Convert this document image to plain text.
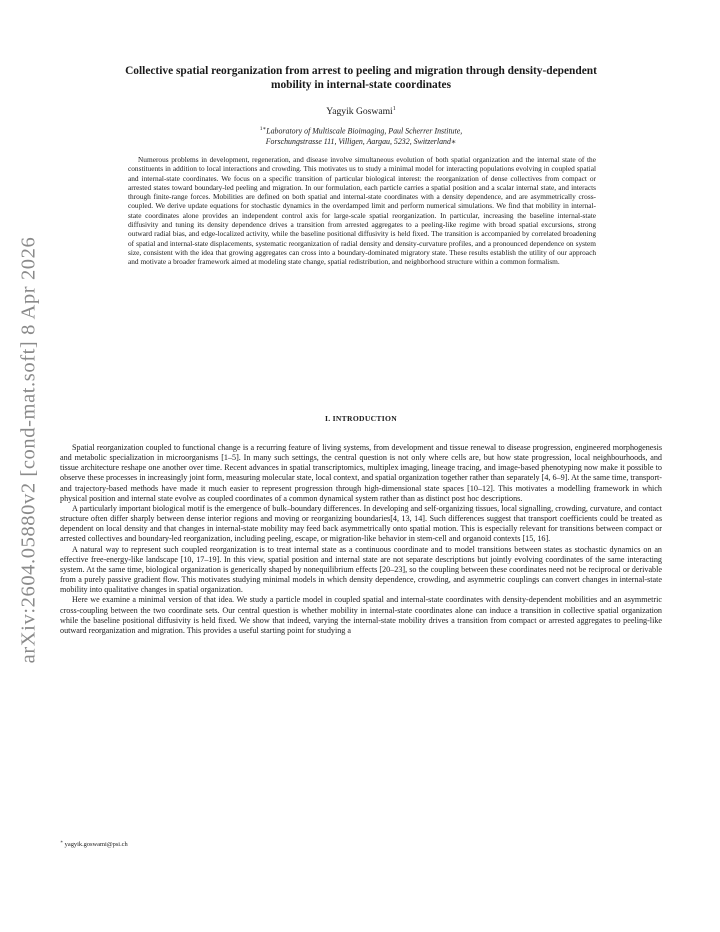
arXiv:2604.05880v2 [cond-mat.soft] 8 Apr 2026
Collective spatial reorganization from arrest to peeling and migration through density-dependent
mobility in internal-state coordinates
Yagyik Goswami$^1$
$^{1∗}$Laboratory of Multiscale Bioimaging, Paul Scherrer Institute,
Forschungstrasse 111, Villigen, Aargau, 5232, Switzerland∗

Numerous problems in development, regeneration, and disease involve simultaneous evolution of both spatial organization and the internal state of the constituents in addition to local interactions and crowding. This motivates us to study a minimal model for interacting populations evolving in coupled spatial and internal-state coordinates. We focus on a specific transition of particular biological interest: the reorganization of dense collectives from compact or arrested states toward boundary-led peeling and migration. In our formulation, each particle carries a spatial position and a scalar internal state, and interacts through finite-range forces. Mobilities are defined on both spatial and internal-state coordinates with a density dependence, and are asymmetrically cross-coupled. We derive update equations for stochastic dynamics in the overdamped limit and perform numerical simulations. We find that mobility in internal-state coordinates alone provides an independent control axis for large-scale spatial reorganization. In particular, increasing the baseline internal-state diffusivity and tuning its density dependence drives a transition from arrested aggregates to a peeling-like regime with broad spatial excursions, strong outward radial bias, and edge-localized activity, while the baseline positional diffusivity is held fixed. The transition is accompanied by correlated broadening of spatial and internal-state displacements, systematic reorganization of radial density and density-curvature profiles, and a pronounced dependence on system size, consistent with the idea that growing aggregates can cross into a boundary-dominated migratory state. These results establish the utility of our approach and motivate a broader framework aimed at modeling state change, spatial redistribution, and neighborhood structure within a common formalism.

I. INTRODUCTION

Spatial reorganization coupled to functional change is a recurring feature of living systems, from development and tissue renewal to disease progression, engineered morphogenesis and metabolic specialization in microorganisms [1–5]. In many such settings, the central question is not only where cells are, but how state progression, local neighbourhoods, and tissue architecture reshape one another over time. Recent advances in spatial transcriptomics, multiplex imaging, lineage tracing, and image-based phenotyping now make it possible to observe these processes in increasingly joint form, measuring molecular state, local context, and spatial organization together rather than separately [4, 6–9]. At the same time, transport- and trajectory-based methods have made it much easier to represent progression through high-dimensional state spaces [10–12]. This motivates a modelling framework in which physical position and internal state evolve as coupled coordinates of a common dynamical system rather than as distinct post hoc descriptions.

A particularly important biological motif is the emergence of bulk–boundary differences. In developing and self-organizing tissues, local signalling, crowding, curvature, and contact structure often differ sharply between dense interior regions and moving or reorganizing boundaries[4, 13, 14]. Such differences suggest that transport coefficients could be treated as dependent on local density and that changes in internal-state mobility may feed back asymmetrically onto spatial motion. This is especially relevant for transitions between compact or arrested collectives and boundary-led reorganization, including peeling, escape, or migration-like behavior in stem-cell and organoid contexts [15, 16].

A natural way to represent such coupled reorganization is to treat internal state as a continuous coordinate and to model transitions between states as stochastic dynamics on an effective free-energy-like landscape [10, 17–19]. In this view, spatial position and internal state are not separate descriptions but jointly evolving coordinates of the same interacting system. At the same time, biological organization is generically shaped by nonequilibrium effects [20–23], so the coupling between these coordinates need not be reciprocal or derivable from a purely passive gradient flow. This motivates studying minimal models in which density dependence, crowding, and asymmetric couplings can convert changes in internal-state mobility into qualitative changes in spatial organization.

Here we examine a minimal version of that idea. We study a particle model in coupled spatial and internal-state coordinates with density-dependent mobilities and an asymmetric cross-coupling between the two coordinate sets. Our central question is whether mobility in internal-state coordinates alone can induce a transition in collective spatial organization while the baseline positional diffusivity is held fixed. We show that indeed, varying the internal-state mobility drives a transition from compact or arrested aggregates to peeling-like outward reorganization and migration. This provides a useful starting point for studying a

∗ yagyik.goswami@psi.ch
